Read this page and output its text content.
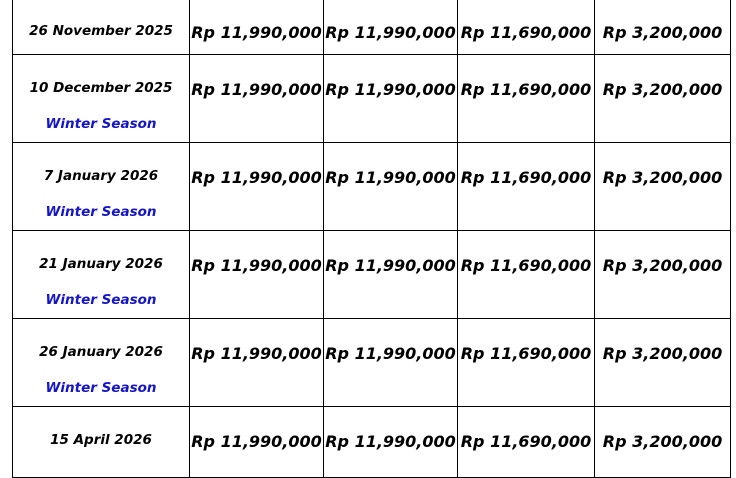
26 November 2025	Rp 11,990,000	Rp 11,990,000	Rp 11,690,000	Rp 3,200,000

10 December 2025
Winter Season	Rp 11,990,000	Rp 11,990,000	Rp 11,690,000	Rp 3,200,000

7 January 2026
Winter Season	Rp 11,990,000	Rp 11,990,000	Rp 11,690,000	Rp 3,200,000

21 January 2026
Winter Season	Rp 11,990,000	Rp 11,990,000	Rp 11,690,000	Rp 3,200,000

26 January 2026
Winter Season	Rp 11,990,000	Rp 11,990,000	Rp 11,690,000	Rp 3,200,000

15 April 2026	Rp 11,990,000	Rp 11,990,000	Rp 11,690,000	Rp 3,200,000
